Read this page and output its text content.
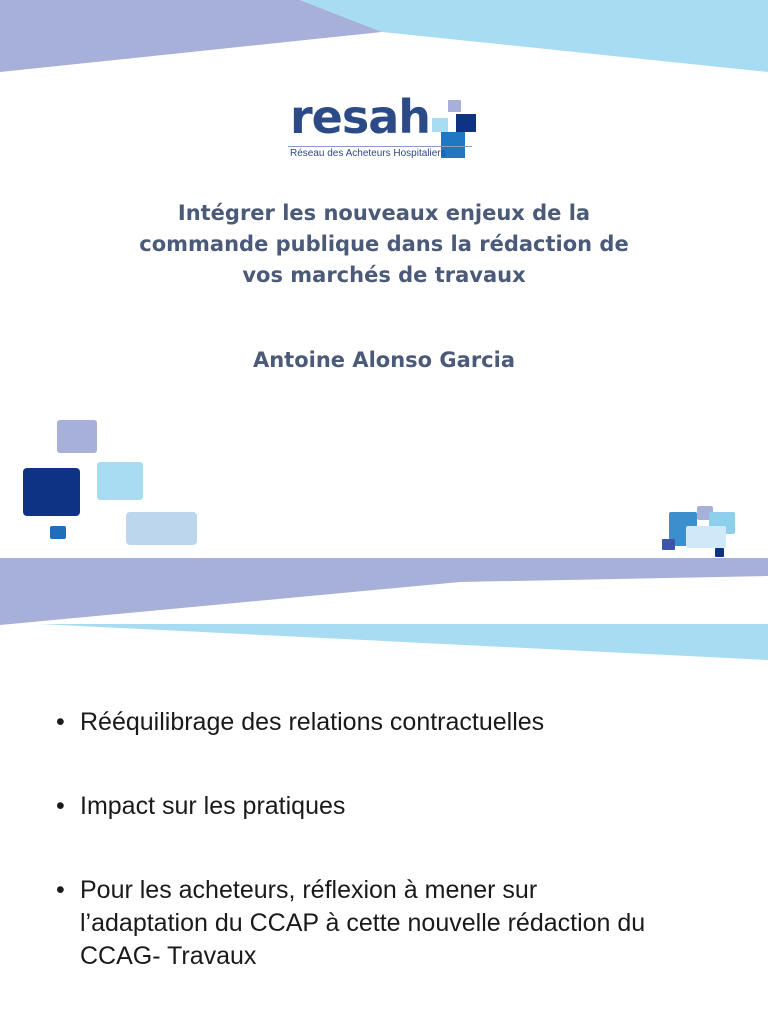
resah
Réseau des Acheteurs Hospitaliers
Intégrer les nouveaux enjeux de la
commande publique dans la rédaction de
vos marchés de travaux
Antoine Alonso Garcia
• Rééquilibrage des relations contractuelles
• Impact sur les pratiques
• Pour les acheteurs, réflexion à mener sur
l’adaptation du CCAP à cette nouvelle rédaction du
CCAG- Travaux
